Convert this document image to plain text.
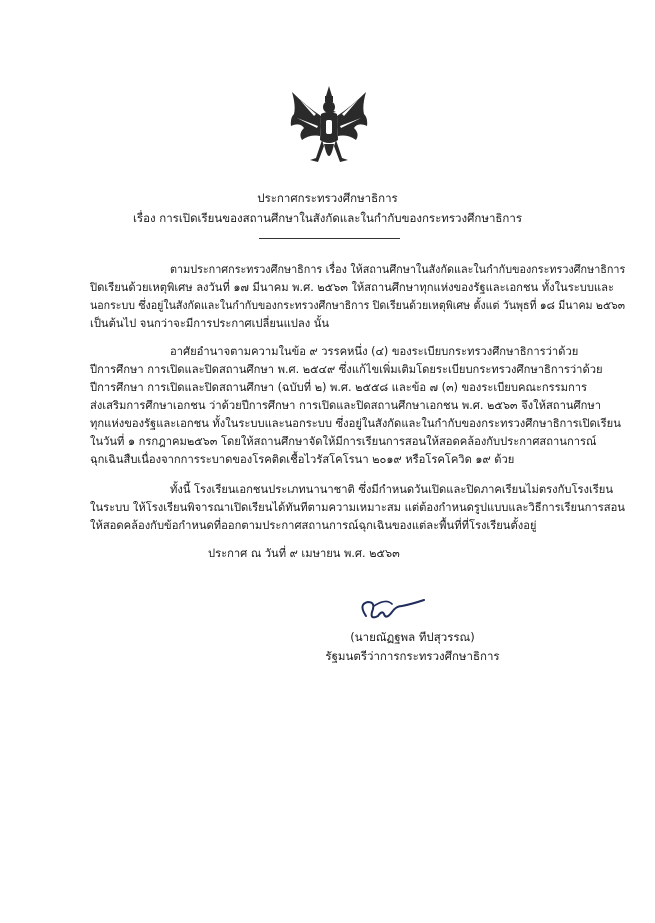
ประกาศกระทรวงศึกษาธิการ
เรื่อง การเปิดเรียนของสถานศึกษาในสังกัดและในกำกับของกระทรวงศึกษาธิการ
ตามประกาศกระทรวงศึกษาธิการ เรื่อง ให้สถานศึกษาในสังกัดและในกำกับของกระทรวงศึกษาธิการ
ปิดเรียนด้วยเหตุพิเศษ ลงวันที่ ๑๗ มีนาคม พ.ศ. ๒๕๖๓ ให้สถานศึกษาทุกแห่งของรัฐและเอกชน ทั้งในระบบและ
นอกระบบ ซึ่งอยู่ในสังกัดและในกำกับของกระทรวงศึกษาธิการ ปิดเรียนด้วยเหตุพิเศษ ตั้งแต่ วันพุธที่ ๑๘ มีนาคม ๒๕๖๓
เป็นต้นไป จนกว่าจะมีการประกาศเปลี่ยนแปลง นั้น
อาศัยอำนาจตามความในข้อ ๙ วรรคหนึ่ง (๔) ของระเบียบกระทรวงศึกษาธิการว่าด้วย
ปีการศึกษา การเปิดและปิดสถานศึกษา พ.ศ. ๒๕๔๙ ซึ่งแก้ไขเพิ่มเติมโดยระเบียบกระทรวงศึกษาธิการว่าด้วย
ปีการศึกษา การเปิดและปิดสถานศึกษา (ฉบับที่ ๒) พ.ศ. ๒๕๕๘ และข้อ ๗ (๓) ของระเบียบคณะกรรมการ
ส่งเสริมการศึกษาเอกชน ว่าด้วยปีการศึกษา การเปิดและปิดสถานศึกษาเอกชน พ.ศ. ๒๕๖๓ จึงให้สถานศึกษา
ทุกแห่งของรัฐและเอกชน ทั้งในระบบและนอกระบบ ซึ่งอยู่ในสังกัดและในกำกับของกระทรวงศึกษาธิการเปิดเรียน
ในวันที่ ๑ กรกฎาคม๒๕๖๓ โดยให้สถานศึกษาจัดให้มีการเรียนการสอนให้สอดคล้องกับประกาศสถานการณ์
ฉุกเฉินสืบเนื่องจากการระบาดของโรคติดเชื้อไวรัสโคโรนา ๒๐๑๙ หรือโรคโควิด ๑๙ ด้วย
ทั้งนี้ โรงเรียนเอกชนประเภทนานาชาติ ซึ่งมีกำหนดวันเปิดและปิดภาคเรียนไม่ตรงกับโรงเรียน
ในระบบ ให้โรงเรียนพิจารณาเปิดเรียนได้ทันทีตามความเหมาะสม แต่ต้องกำหนดรูปแบบและวิธีการเรียนการสอน
ให้สอดคล้องกับข้อกำหนดที่ออกตามประกาศสถานการณ์ฉุกเฉินของแต่ละพื้นที่ที่โรงเรียนตั้งอยู่
ประกาศ ณ วันที่ ๙ เมษายน พ.ศ. ๒๕๖๓
(นายณัฏฐพล ทีปสุวรรณ)
รัฐมนตรีว่าการกระทรวงศึกษาธิการ
